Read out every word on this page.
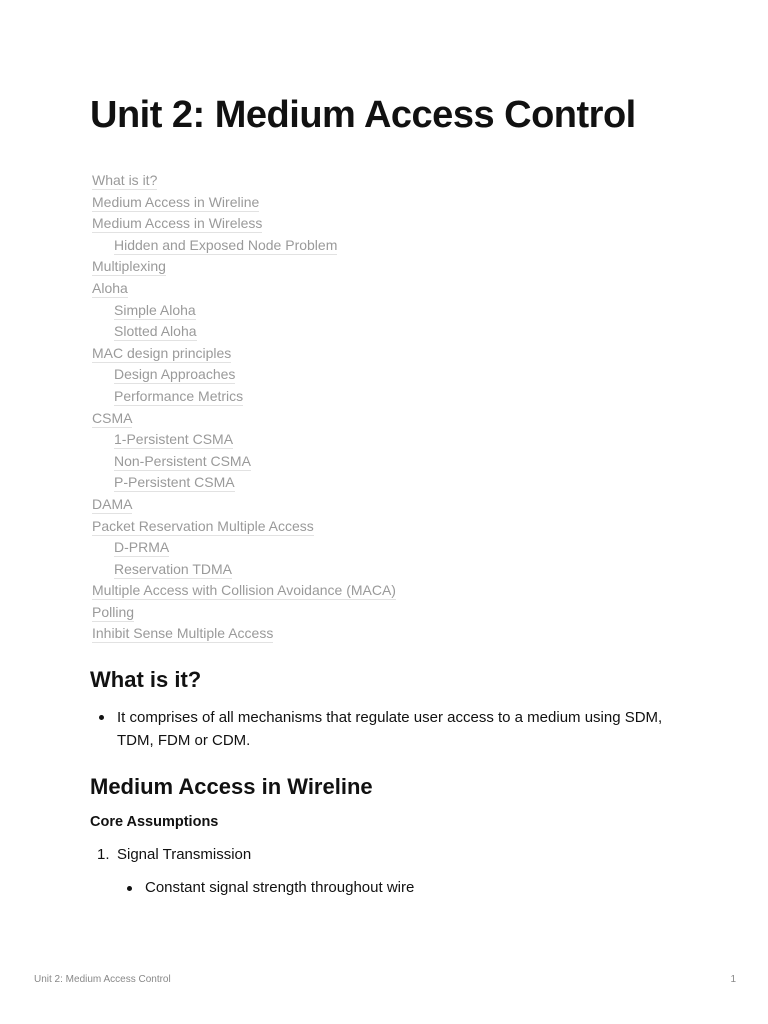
Unit 2: Medium Access Control
What is it?
Medium Access in Wireline
Medium Access in Wireless
Hidden and Exposed Node Problem
Multiplexing
Aloha
Simple Aloha
Slotted Aloha
MAC design principles
Design Approaches
Performance Metrics
CSMA
1-Persistent CSMA
Non-Persistent CSMA
P-Persistent CSMA
DAMA
Packet Reservation Multiple Access
D-PRMA
Reservation TDMA
Multiple Access with Collision Avoidance (MACA)
Polling
Inhibit Sense Multiple Access
What is it?
It comprises of all mechanisms that regulate user access to a medium using SDM, TDM, FDM or CDM.
Medium Access in Wireline
Core Assumptions
1. Signal Transmission
Constant signal strength throughout wire
Unit 2: Medium Access Control	1
